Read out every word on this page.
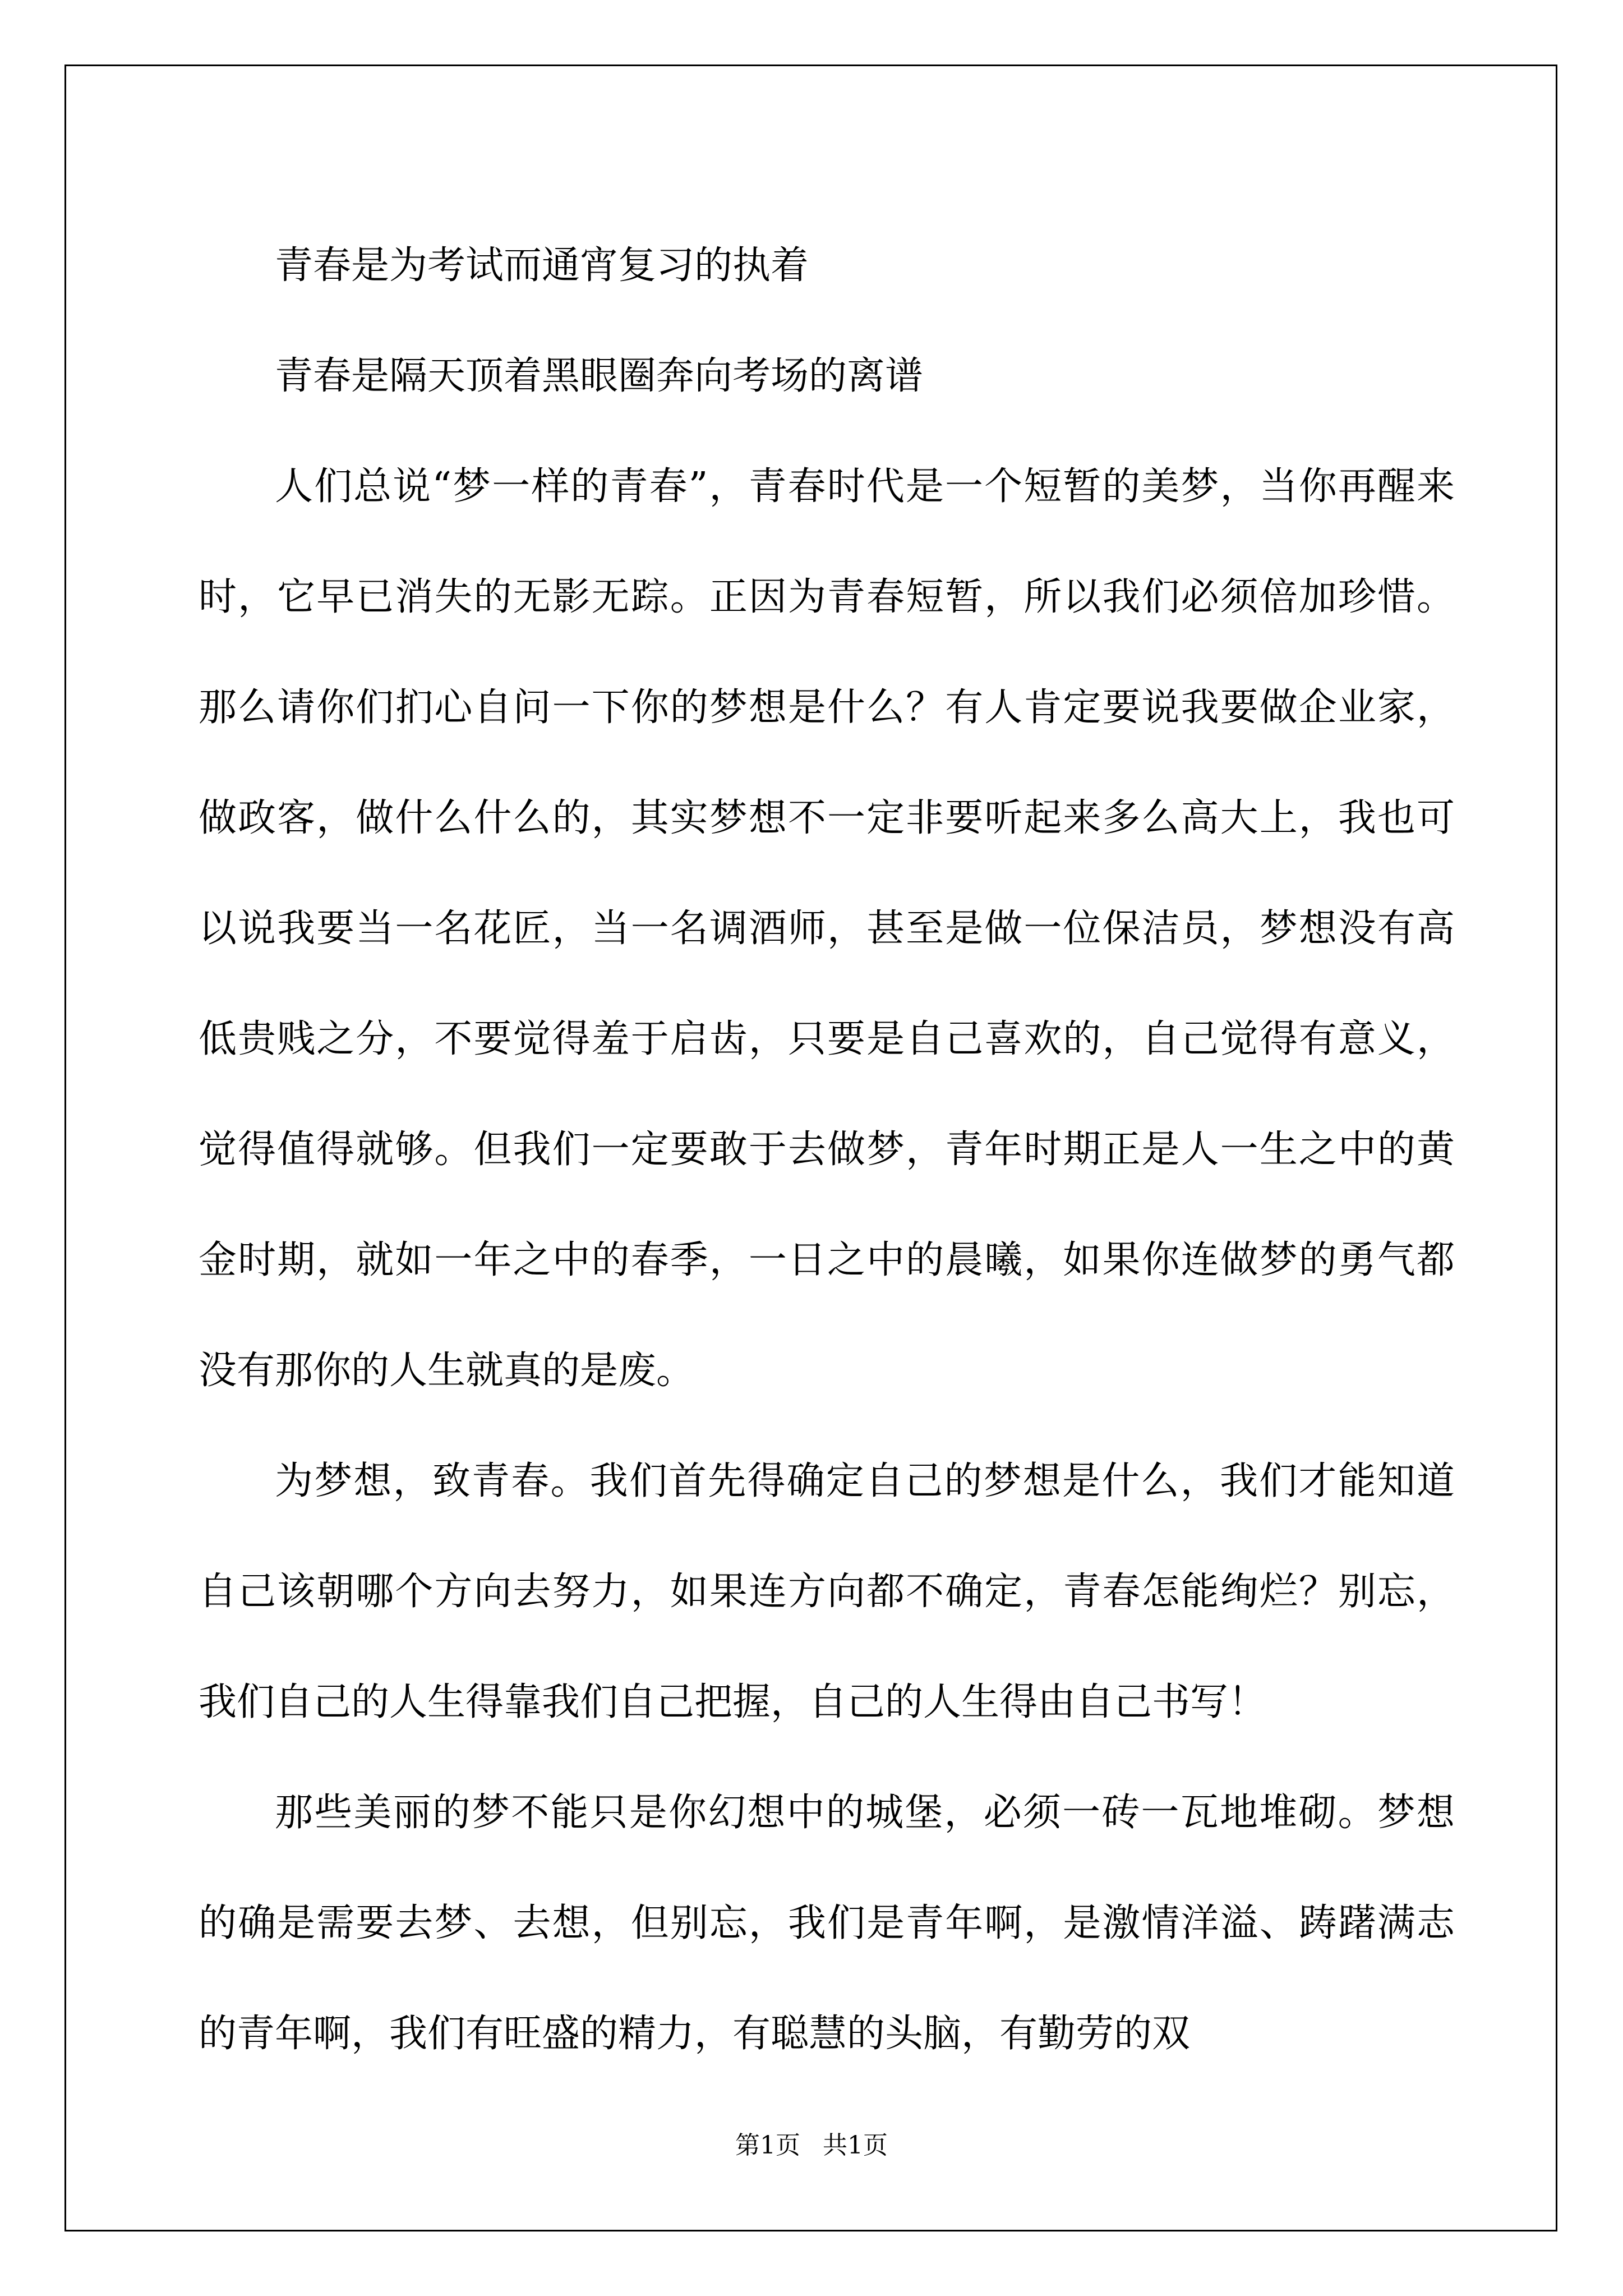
青春是为考试而通宵复习的执着

青春是隔天顶着黑眼圈奔向考场的离谱

人们总说“梦一样的青春”，青春时代是一个短暂的美梦，当你再醒来时，它早已消失的无影无踪。正因为青春短暂，所以我们必须倍加珍惜。那么请你们扪心自问一下你的梦想是什么？有人肯定要说我要做企业家，做政客，做什么什么的，其实梦想不一定非要听起来多么高大上，我也可以说我要当一名花匠，当一名调酒师，甚至是做一位保洁员，梦想没有高低贵贱之分，不要觉得羞于启齿，只要是自己喜欢的，自己觉得有意义，觉得值得就够。但我们一定要敢于去做梦，青年时期正是人一生之中的黄金时期，就如一年之中的春季，一日之中的晨曦，如果你连做梦的勇气都没有那你的人生就真的是废。

为梦想，致青春。我们首先得确定自己的梦想是什么，我们才能知道自己该朝哪个方向去努力，如果连方向都不确定，青春怎能绚烂？别忘，我们自己的人生得靠我们自己把握，自己的人生得由自己书写！

那些美丽的梦不能只是你幻想中的城堡，必须一砖一瓦地堆砌。梦想的确是需要去梦、去想，但别忘，我们是青年啊，是激情洋溢、踌躇满志的青年啊，我们有旺盛的精力，有聪慧的头脑，有勤劳的双

第1页 共1页
